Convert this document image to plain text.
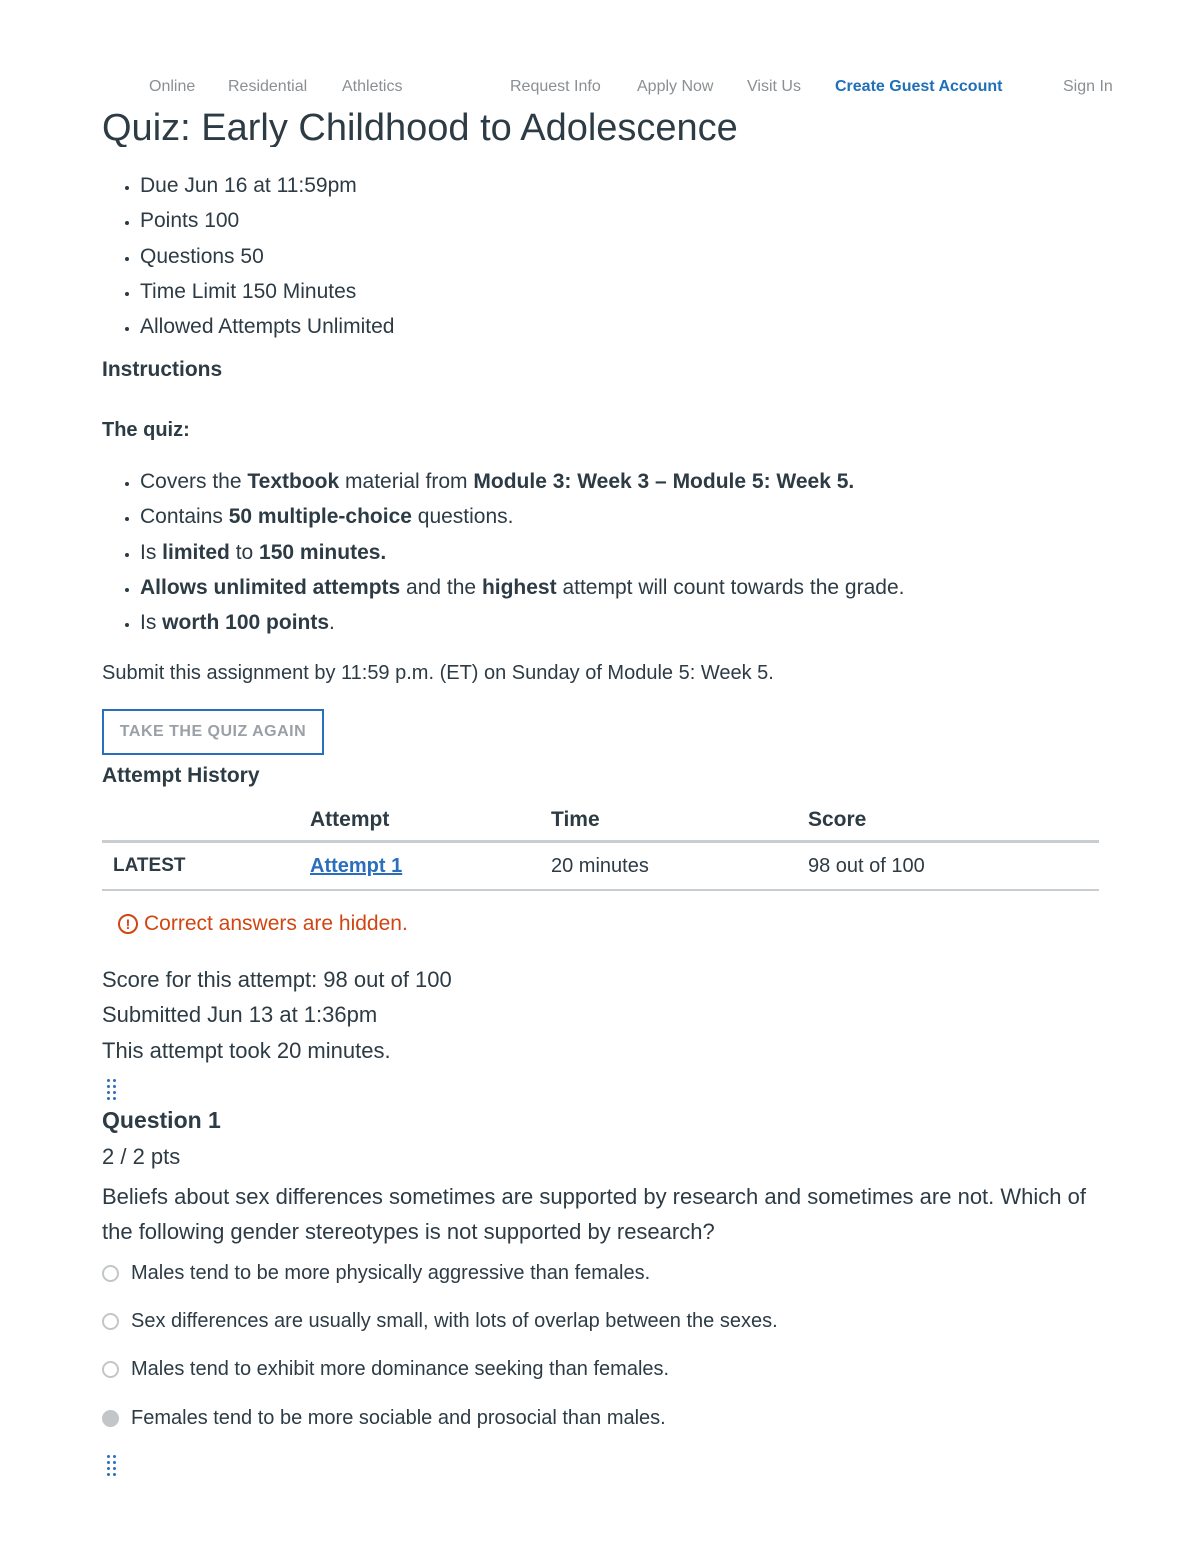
Online Residential Athletics	Request Info Apply Now Visit Us Create Guest Account	Sign In
Quiz: Early Childhood to Adolescence
• Due Jun 16 at 11:59pm
• Points 100
• Questions 50
• Time Limit 150 Minutes
• Allowed Attempts Unlimited
Instructions

The quiz:

• Covers the Textbook material from Module 3: Week 3 – Module 5: Week 5.
• Contains 50 multiple-choice questions.
• Is limited to 150 minutes.
• Allows unlimited attempts and the highest attempt will count towards the grade.
• Is worth 100 points.

Submit this assignment by 11:59 p.m. (ET) on Sunday of Module 5: Week 5.

TAKE THE QUIZ AGAIN
Attempt History
	Attempt	Time	Score
LATEST	Attempt 1	20 minutes	98 out of 100
! Correct answers are hidden.
Score for this attempt: 98 out of 100
Submitted Jun 13 at 1:36pm
This attempt took 20 minutes.
Question 1
2 / 2 pts
Beliefs about sex differences sometimes are supported by research and sometimes are not. Which of the following gender stereotypes is not supported by research?
Males tend to be more physically aggressive than females.
Sex differences are usually small, with lots of overlap between the sexes.
Males tend to exhibit more dominance seeking than females.
Females tend to be more sociable and prosocial than males.
